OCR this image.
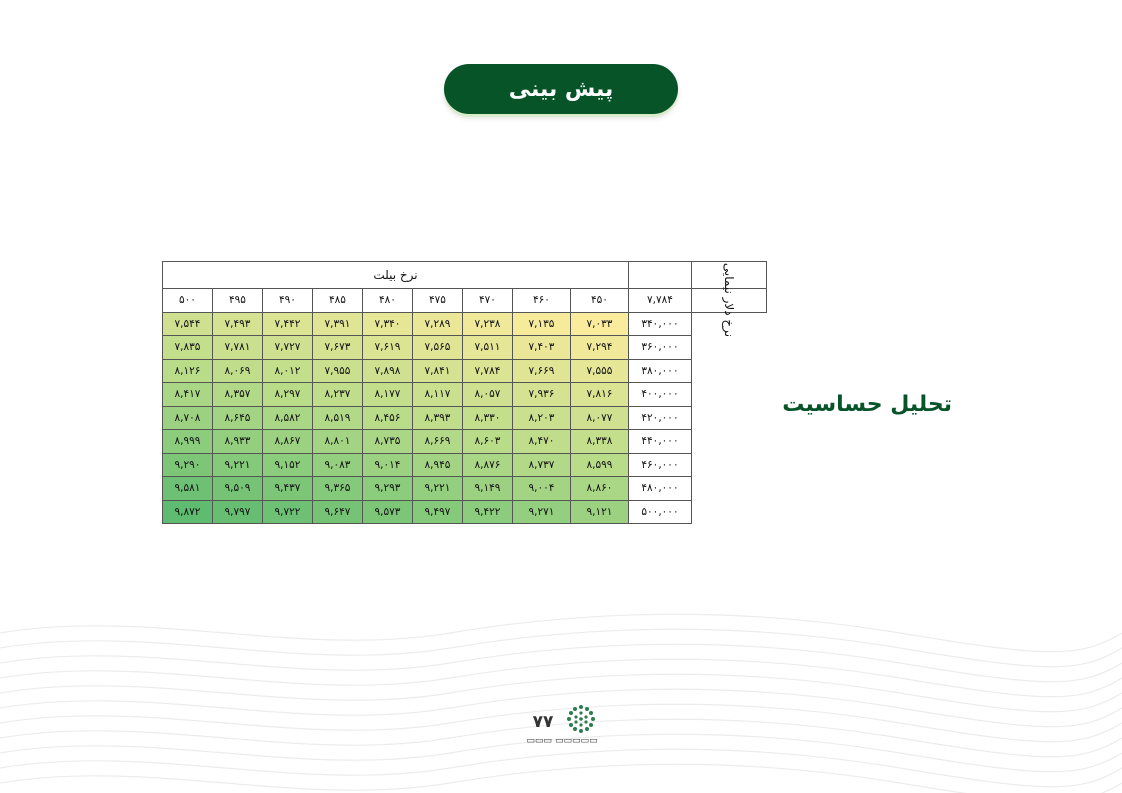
پیش بینی
تحلیل حساسیت
نرخ بیلت										
۵۰۰	۴۹۵	۴۹۰	۴۸۵	۴۸۰	۴۷۵	۴۷۰	۴۶۰	۴۵۰	۷,۷۸۴	نرخ دلار نیمایی
۷,۵۴۴	۷,۴۹۳	۷,۴۴۲	۷,۳۹۱	۷,۳۴۰	۷,۲۸۹	۷,۲۳۸	۷,۱۳۵	۷,۰۳۳	۳۴۰,۰۰۰	
۷,۸۳۵	۷,۷۸۱	۷,۷۲۷	۷,۶۷۳	۷,۶۱۹	۷,۵۶۵	۷,۵۱۱	۷,۴۰۳	۷,۲۹۴	۳۶۰,۰۰۰	
۸,۱۲۶	۸,۰۶۹	۸,۰۱۲	۷,۹۵۵	۷,۸۹۸	۷,۸۴۱	۷,۷۸۴	۷,۶۶۹	۷,۵۵۵	۳۸۰,۰۰۰	
۸,۴۱۷	۸,۳۵۷	۸,۲۹۷	۸,۲۳۷	۸,۱۷۷	۸,۱۱۷	۸,۰۵۷	۷,۹۳۶	۷,۸۱۶	۴۰۰,۰۰۰	
۸,۷۰۸	۸,۶۴۵	۸,۵۸۲	۸,۵۱۹	۸,۴۵۶	۸,۳۹۳	۸,۳۳۰	۸,۲۰۳	۸,۰۷۷	۴۲۰,۰۰۰	
۸,۹۹۹	۸,۹۳۳	۸,۸۶۷	۸,۸۰۱	۸,۷۳۵	۸,۶۶۹	۸,۶۰۳	۸,۴۷۰	۸,۳۳۸	۴۴۰,۰۰۰	
۹,۲۹۰	۹,۲۲۱	۹,۱۵۲	۹,۰۸۳	۹,۰۱۴	۸,۹۴۵	۸,۸۷۶	۸,۷۳۷	۸,۵۹۹	۴۶۰,۰۰۰	
۹,۵۸۱	۹,۵۰۹	۹,۴۳۷	۹,۳۶۵	۹,۲۹۳	۹,۲۲۱	۹,۱۴۹	۹,۰۰۴	۸,۸۶۰	۴۸۰,۰۰۰	
۹,۸۷۲	۹,۷۹۷	۹,۷۲۲	۹,۶۴۷	۹,۵۷۳	۹,۴۹۷	۹,۴۲۲	۹,۲۷۱	۹,۱۲۱	۵۰۰,۰۰۰	
۷۷
▭▭▭ ▭▭▭▭▭
